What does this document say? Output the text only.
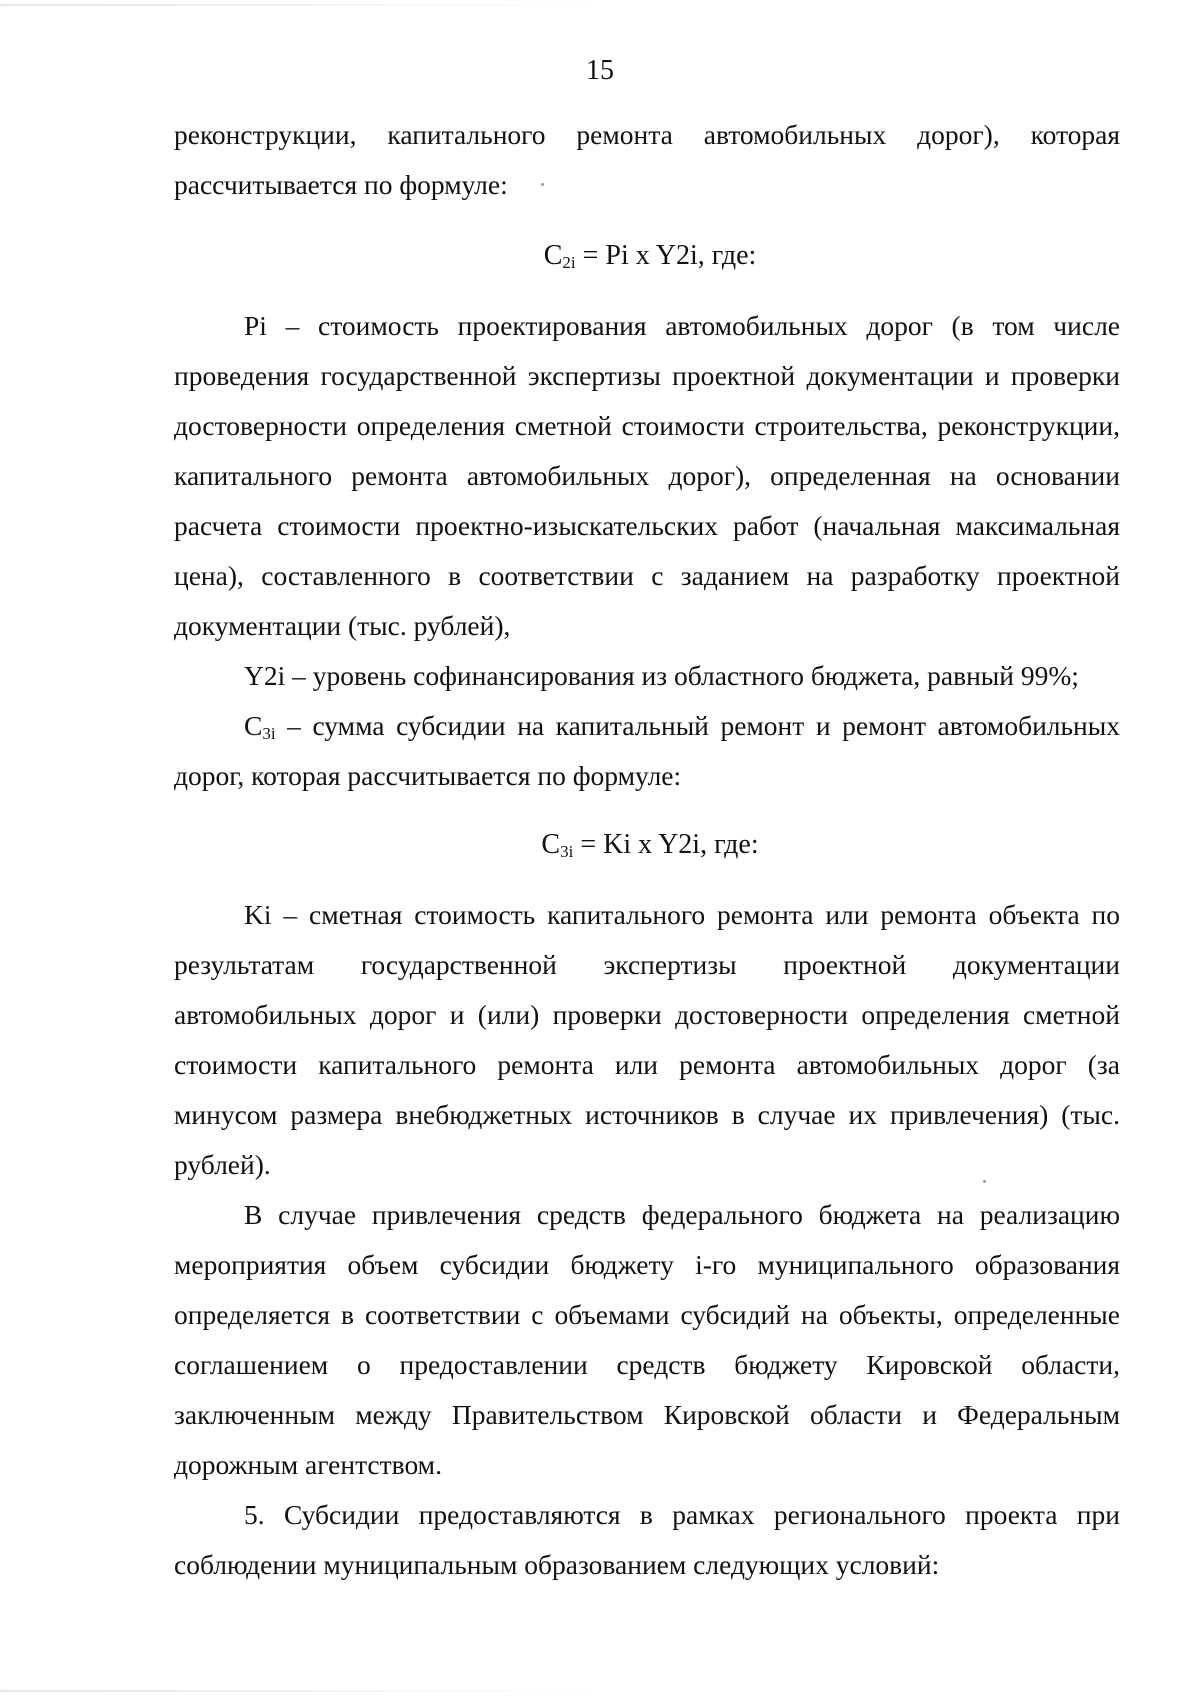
15

реконструкции, капитального ремонта автомобильных дорог), которая рассчитывается по формуле:

$C_{2i} = Pi$ x Y2i, где:

Pi – стоимость проектирования автомобильных дорог (в том числе проведения государственной экспертизы проектной документации и проверки достоверности определения сметной стоимости строительства, реконструкции, капитального ремонта автомобильных дорог), определенная на основании расчета стоимости проектно-изыскательских работ (начальная максимальная цена), составленного в соответствии с заданием на разработку проектной документации (тыс. рублей),

Y2i – уровень софинансирования из областного бюджета, равный 99%;

$C_{3i}$ – сумма субсидии на капитальный ремонт и ремонт автомобильных дорог, которая рассчитывается по формуле:

$C_{3i} = Ki$ x Y2i, где:

Ki – сметная стоимость капитального ремонта или ремонта объекта по результатам государственной экспертизы проектной документации автомобильных дорог и (или) проверки достоверности определения сметной стоимости капитального ремонта или ремонта автомобильных дорог (за минусом размера внебюджетных источников в случае их привлечения) (тыс. рублей).

В случае привлечения средств федерального бюджета на реализацию мероприятия объем субсидии бюджету i-го муниципального образования определяется в соответствии с объемами субсидий на объекты, определенные соглашением о предоставлении средств бюджету Кировской области, заключенным между Правительством Кировской области и Федеральным дорожным агентством.

5. Субсидии предоставляются в рамках регионального проекта при соблюдении муниципальным образованием следующих условий:
